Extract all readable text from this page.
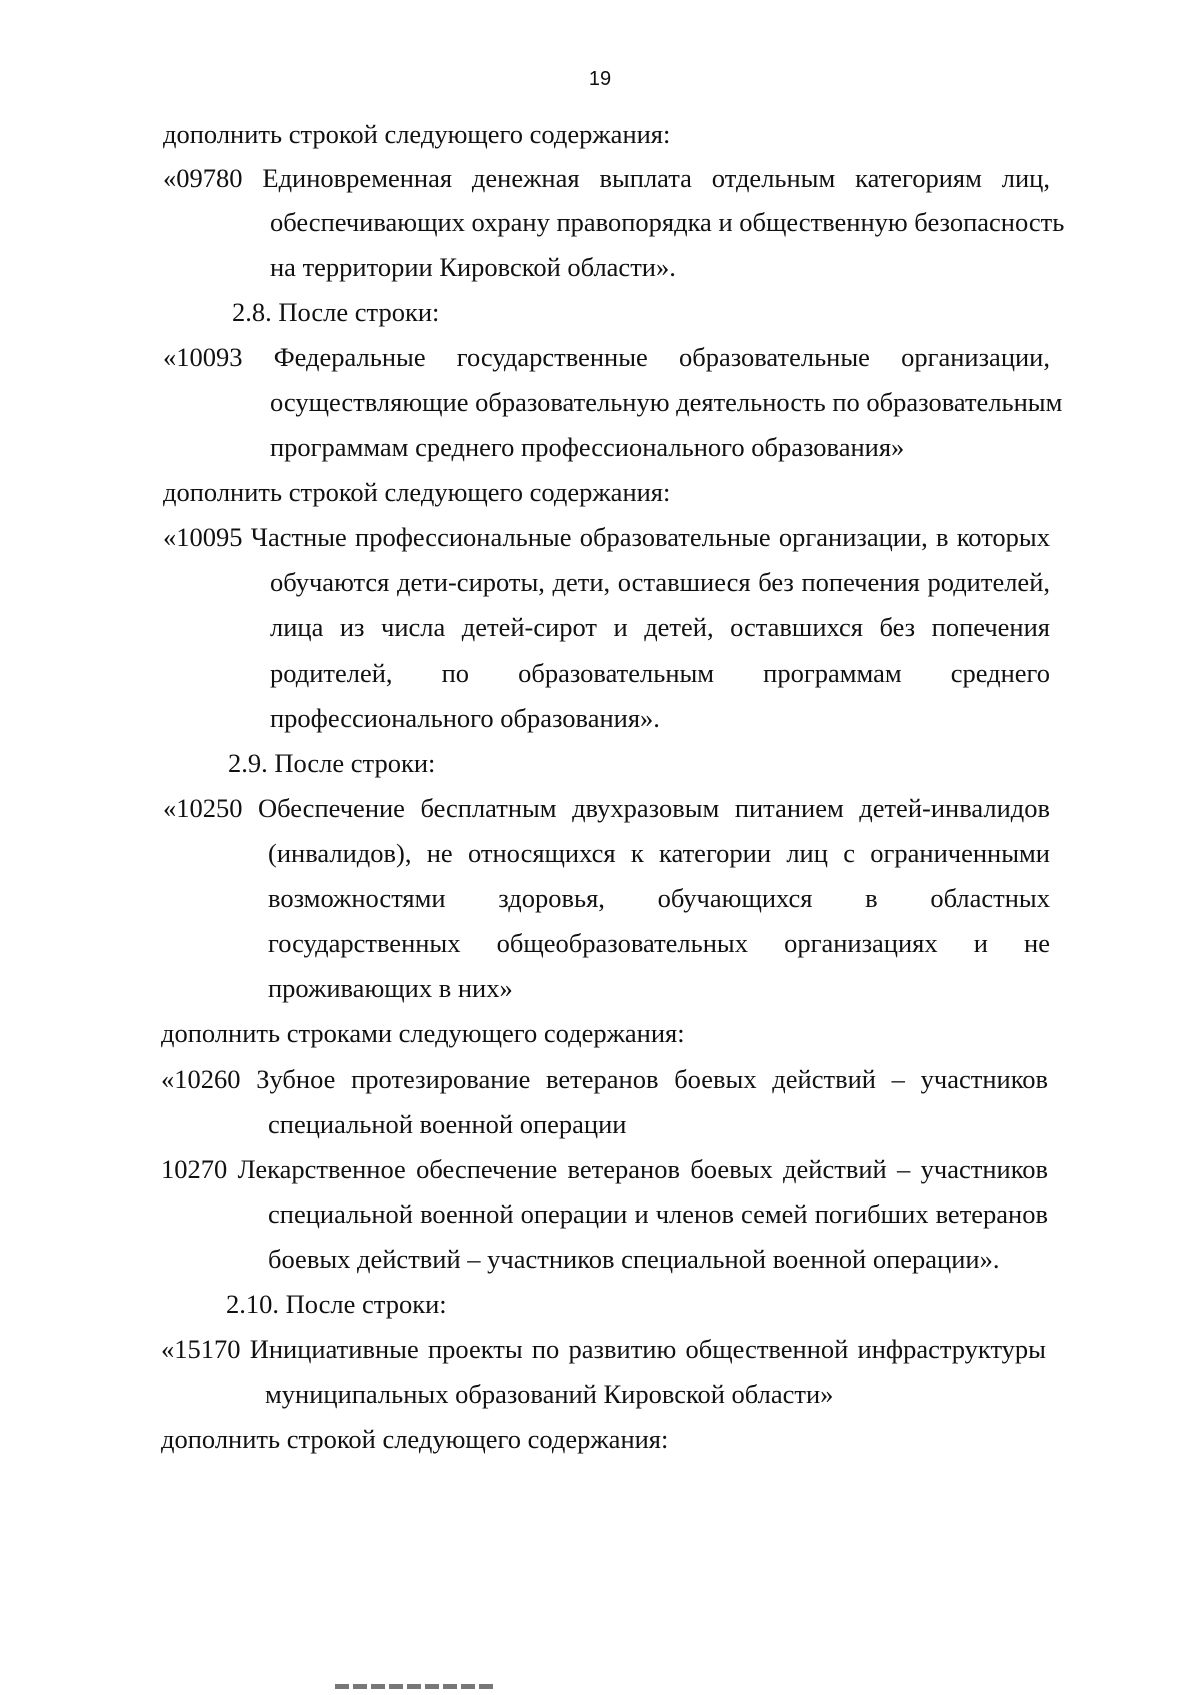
19
дополнить строкой следующего содержания:
«09780 Единовременная денежная выплата отдельным категориям лиц,
обеспечивающих охрану правопорядка и общественную безопасность
на территории Кировской области».
2.8. После строки:
«10093 Федеральные государственные образовательные организации,
осуществляющие образовательную деятельность по образовательным
программам среднего профессионального образования»
дополнить строкой следующего содержания:
«10095 Частные профессиональные образовательные организации, в которых
обучаются дети-сироты, дети, оставшиеся без попечения родителей,
лица из числа детей-сирот и детей, оставшихся без попечения
родителей, по образовательным программам среднего
профессионального образования».
2.9. После строки:
«10250 Обеспечение бесплатным двухразовым питанием детей-инвалидов
(инвалидов), не относящихся к категории лиц с ограниченными
возможностями здоровья, обучающихся в областных
государственных общеобразовательных организациях и не
проживающих в них»
дополнить строками следующего содержания:
«10260 Зубное протезирование ветеранов боевых действий – участников
специальной военной операции
10270 Лекарственное обеспечение ветеранов боевых действий – участников
специальной военной операции и членов семей погибших ветеранов
боевых действий – участников специальной военной операции».
2.10. После строки:
«15170 Инициативные проекты по развитию общественной инфраструктуры
муниципальных образований Кировской области»
дополнить строкой следующего содержания:
